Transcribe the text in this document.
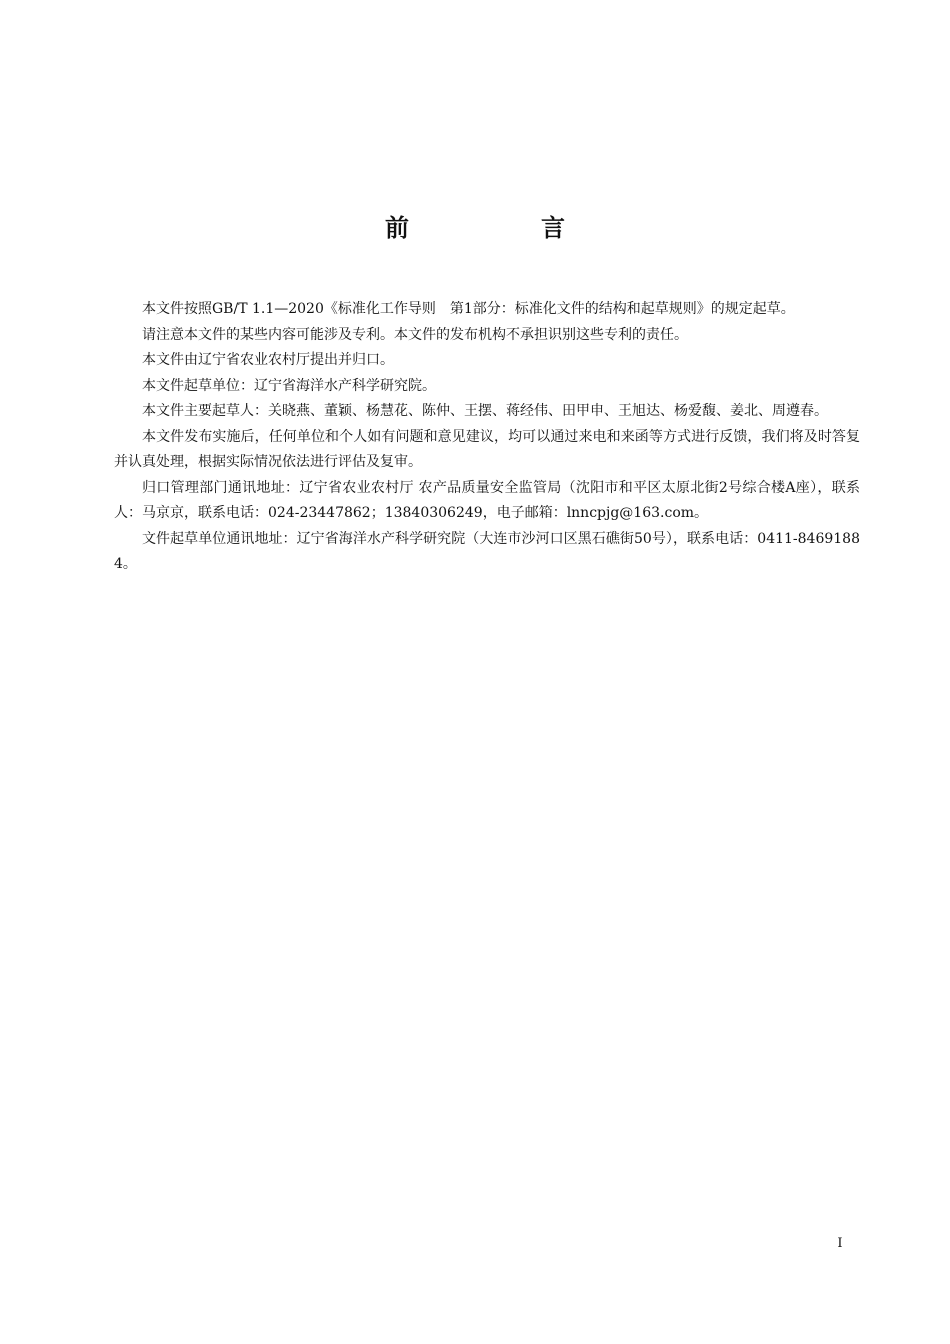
前　言

本文件按照GB/T 1.1—2020《标准化工作导则　第1部分：标准化文件的结构和起草规则》的规定起草。

请注意本文件的某些内容可能涉及专利。本文件的发布机构不承担识别这些专利的责任。

本文件由辽宁省农业农村厅提出并归口。

本文件起草单位：辽宁省海洋水产科学研究院。

本文件主要起草人：关晓燕、董颖、杨慧花、陈仲、王摆、蒋经伟、田甲申、王旭达、杨爱馥、姜北、周遵春。

本文件发布实施后，任何单位和个人如有问题和意见建议，均可以通过来电和来函等方式进行反馈，我们将及时答复并认真处理，根据实际情况依法进行评估及复审。

归口管理部门通讯地址：辽宁省农业农村厅 农产品质量安全监管局（沈阳市和平区太原北街2号综合楼A座），联系人：马京京，联系电话：024-23447862；13840306249，电子邮箱：lnncpjg@163.com。

文件起草单位通讯地址：辽宁省海洋水产科学研究院（大连市沙河口区黑石礁街50号），联系电话：0411-84691884。

I
